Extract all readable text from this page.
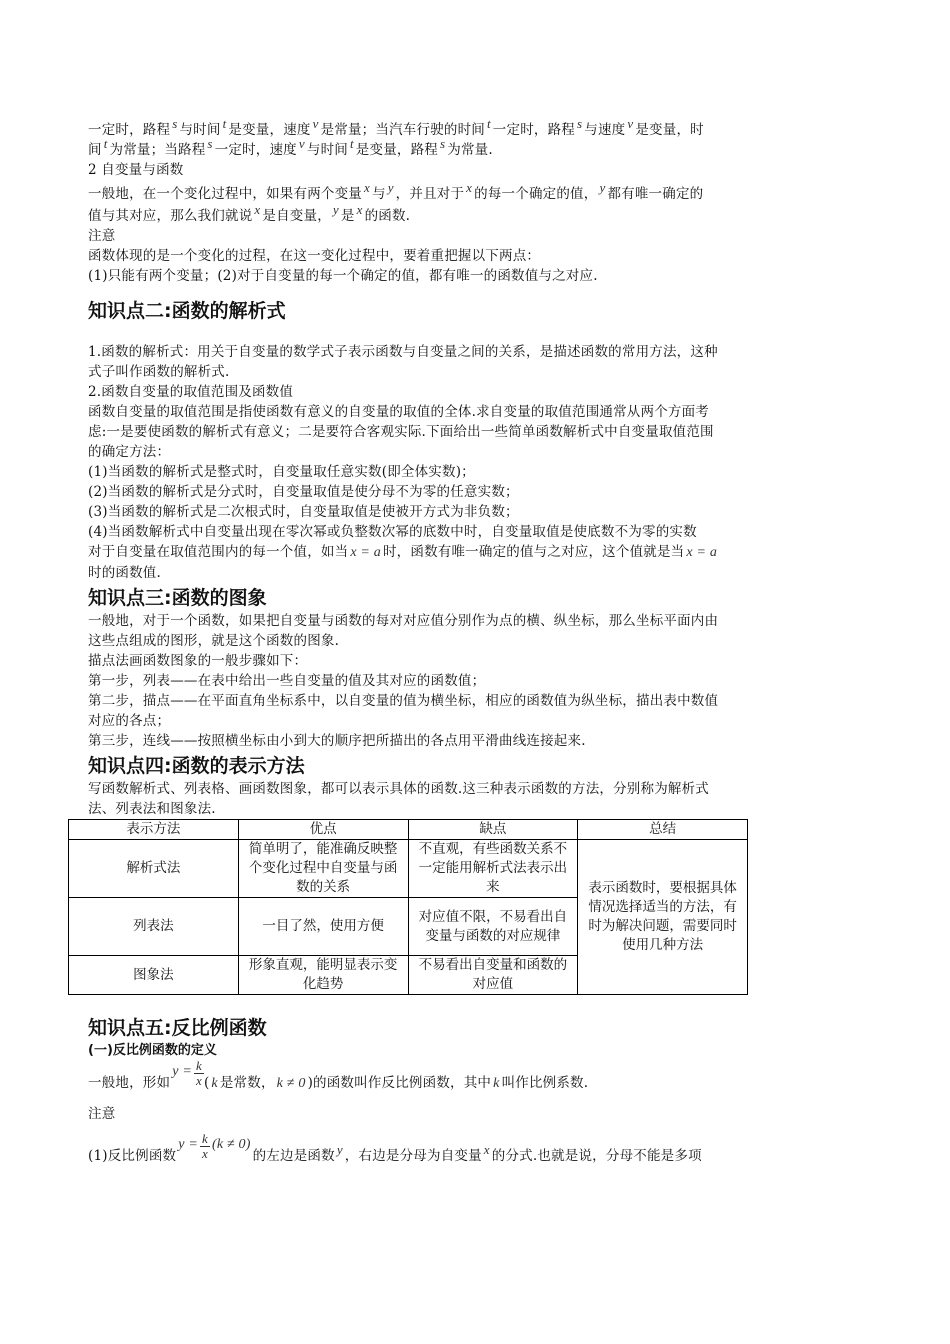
一定时，路程 s 与时间 t 是变量，速度 v 是常量；当汽车行驶的时间 t 一定时，路程 s 与速度 v 是变量，时

间 t 为常量；当路程 s 一定时，速度 v 与时间 t 是变量，路程 s 为常量.

2 自变量与函数

一般地，在一个变化过程中，如果有两个变量 x 与 y ，并且对于 x 的每一个确定的值， y 都有唯一确定的

值与其对应，那么我们就说 x 是自变量， y 是 x 的函数.

注意

函数体现的是一个变化的过程，在这一变化过程中，要着重把握以下两点：

(1)只能有两个变量；(2)对于自变量的每一个确定的值，都有唯一的函数值与之对应.

知识点二:函数的解析式

1.函数的解析式：用关于自变量的数学式子表示函数与自变量之间的关系，是描述函数的常用方法，这种

式子叫作函数的解析式.

2.函数自变量的取值范围及函数值

函数自变量的取值范围是指使函数有意义的自变量的取值的全体.求自变量的取值范围通常从两个方面考

虑:一是要使函数的解析式有意义；二是要符合客观实际.下面给出一些简单函数解析式中自变量取值范围

的确定方法：

(1)当函数的解析式是整式时，自变量取任意实数(即全体实数)；

(2)当函数的解析式是分式时，自变量取值是使分母不为零的任意实数；

(3)当函数的解析式是二次根式时，自变量取值是使被开方式为非负数；

(4)当函数解析式中自变量出现在零次幂或负整数次幂的底数中时，自变量取值是使底数不为零的实数

对于自变量在取值范围内的每一个值，如当 x = a 时，函数有唯一确定的值与之对应，这个值就是当 x = a

时的函数值.

知识点三:函数的图象

一般地，对于一个函数，如果把自变量与函数的每对对应值分别作为点的横、纵坐标，那么坐标平面内由

这些点组成的图形，就是这个函数的图象.

描点法画函数图象的一般步骤如下：

第一步，列表——在表中给出一些自变量的值及其对应的函数值；

第二步，描点——在平面直角坐标系中，以自变量的值为横坐标，相应的函数值为纵坐标，描出表中数值

对应的各点；

第三步，连线——按照横坐标由小到大的顺序把所描出的各点用平滑曲线连接起来.

知识点四:函数的表示方法

写函数解析式、列表格、画函数图象，都可以表示具体的函数.这三种表示函数的方法，分别称为解析式

法、列表法和图象法.

表示方法	优点	缺点	总结
解析式法	简单明了，能准确反映整个变化过程中自变量与函数的关系	不直观，有些函数关系不一定能用解析式法表示出来	表示函数时，要根据具体情况选择适当的方法，有时为解决问题，需要同时使用几种方法
列表法	一目了然，使用方便	对应值不限，不易看出自变量与函数的对应规律	
图象法	形象直观，能明显表示变化趋势	不易看出自变量和函数的对应值	
知识点五:反比例函数
(一)反比例函数的定义

一般地，形如$y = \frac{k}{x}$ ( k 是常数， k ≠ 0 )的函数叫作反比例函数，其中 k 叫作比例系数.

注意

(1)反比例函数$y = \frac{k}{x} (k \ne 0)$的左边是函数 y ，右边是分母为自变量 x 的分式.也就是说，分母不能是多项
